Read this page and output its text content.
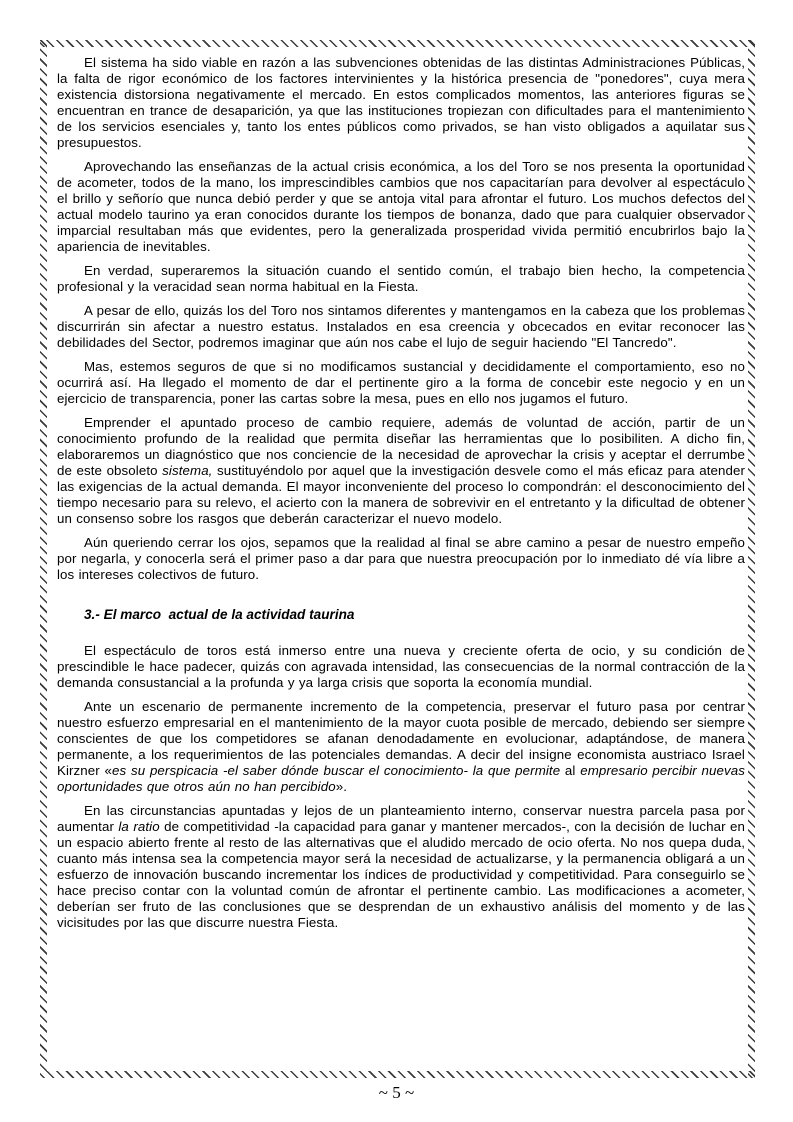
El sistema ha sido viable en razón a las subvenciones obtenidas de las distintas Administraciones Públicas, la falta de rigor económico de los factores intervinientes y la histórica presencia de "ponedores", cuya mera existencia distorsiona negativamente el mercado. En estos complicados momentos, las anteriores figuras se encuentran en trance de desaparición, ya que las instituciones tropiezan con dificultades para el mantenimiento de los servicios esenciales y, tanto los entes públicos como privados, se han visto obligados a aquilatar sus presupuestos.

Aprovechando las enseñanzas de la actual crisis económica, a los del Toro se nos presenta la oportunidad de acometer, todos de la mano, los imprescindibles cambios que nos capacitarían para devolver al espectáculo el brillo y señorío que nunca debió perder y que se antoja vital para afrontar el futuro. Los muchos defectos del actual modelo taurino ya eran conocidos durante los tiempos de bonanza, dado que para cualquier observador imparcial resultaban más que evidentes, pero la generalizada prosperidad vivida permitió encubrirlos bajo la apariencia de inevitables.

En verdad, superaremos la situación cuando el sentido común, el trabajo bien hecho, la competencia profesional y la veracidad sean norma habitual en la Fiesta.

A pesar de ello, quizás los del Toro nos sintamos diferentes y mantengamos en la cabeza que los problemas discurrirán sin afectar a nuestro estatus. Instalados en esa creencia y obcecados en evitar reconocer las debilidades del Sector, podremos imaginar que aún nos cabe el lujo de seguir haciendo "El Tancredo".

Mas, estemos seguros de que si no modificamos sustancial y decididamente el comportamiento, eso no ocurrirá así. Ha llegado el momento de dar el pertinente giro a la forma de concebir este negocio y en un ejercicio de transparencia, poner las cartas sobre la mesa, pues en ello nos jugamos el futuro.

Emprender el apuntado proceso de cambio requiere, además de voluntad de acción, partir de un conocimiento profundo de la realidad que permita diseñar las herramientas que lo posibiliten. A dicho fin, elaboraremos un diagnóstico que nos conciencie de la necesidad de aprovechar la crisis y aceptar el derrumbe de este obsoleto sistema, sustituyéndolo por aquel que la investigación desvele como el más eficaz para atender las exigencias de la actual demanda. El mayor inconveniente del proceso lo compondrán: el desconocimiento del tiempo necesario para su relevo, el acierto con la manera de sobrevivir en el entretanto y la dificultad de obtener un consenso sobre los rasgos que deberán caracterizar el nuevo modelo.

Aún queriendo cerrar los ojos, sepamos que la realidad al final se abre camino a pesar de nuestro empeño por negarla, y conocerla será el primer paso a dar para que nuestra preocupación por lo inmediato dé vía libre a los intereses colectivos de futuro.

3.- El marco  actual de la actividad taurina

El espectáculo de toros está inmerso entre una nueva y creciente oferta de ocio, y su condición de prescindible le hace padecer, quizás con agravada intensidad, las consecuencias de la normal contracción de la demanda consustancial a la profunda y ya larga crisis que soporta la economía mundial.

Ante un escenario de permanente incremento de la competencia, preservar el futuro pasa por centrar nuestro esfuerzo empresarial en el mantenimiento de la mayor cuota posible de mercado, debiendo ser siempre conscientes de que los competidores se afanan denodadamente en evolucionar, adaptándose, de manera permanente, a los requerimientos de las potenciales demandas. A decir del insigne economista austriaco Israel Kirzner «es su perspicacia -el saber dónde buscar el conocimiento- la que permite al empresario percibir nuevas oportunidades que otros aún no han percibido».

En las circunstancias apuntadas y lejos de un planteamiento interno, conservar nuestra parcela pasa por aumentar la ratio de competitividad -la capacidad para ganar y mantener mercados-, con la decisión de luchar en un espacio abierto frente al resto de las alternativas que el aludido mercado de ocio oferta. No nos quepa duda, cuanto más intensa sea la competencia mayor será la necesidad de actualizarse, y la permanencia obligará a un esfuerzo de innovación buscando incrementar los índices de productividad y competitividad. Para conseguirlo se hace preciso contar con la voluntad común de afrontar el pertinente cambio. Las modificaciones a acometer, deberían ser fruto de las conclusiones que se desprendan de un exhaustivo análisis del momento y de las vicisitudes por las que discurre nuestra Fiesta.

~ 5 ~
